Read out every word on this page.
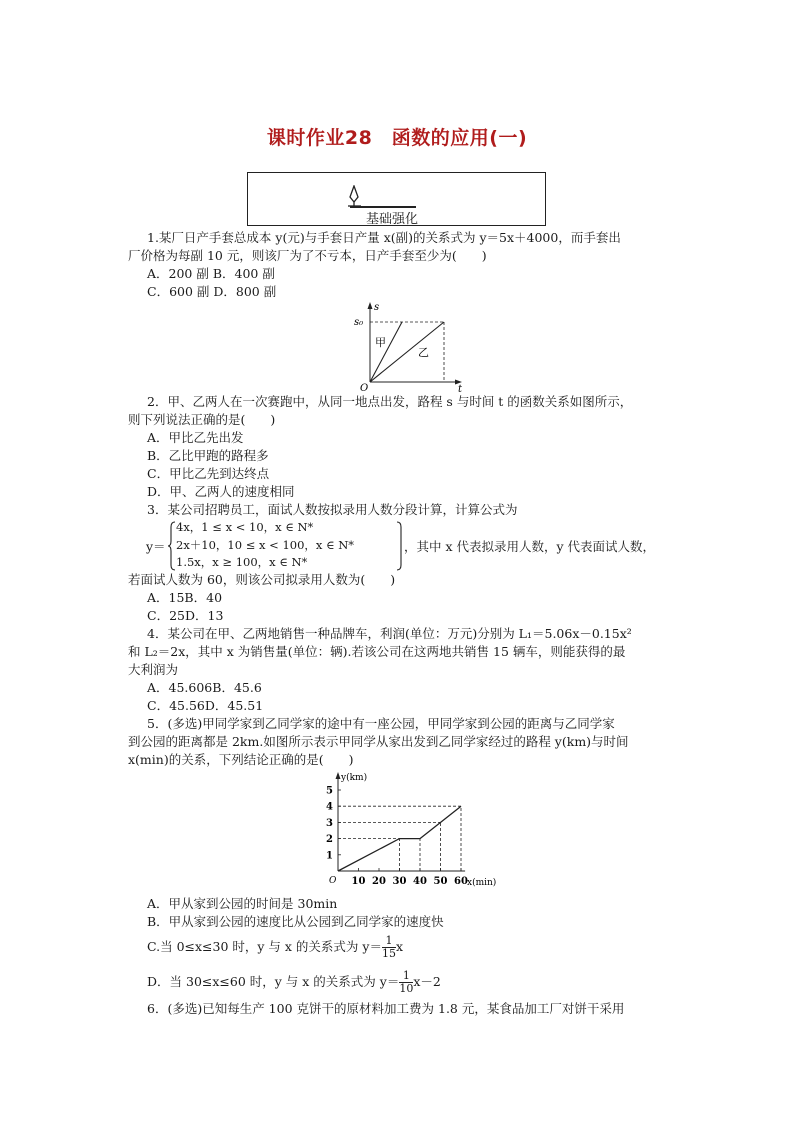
课时作业28　函数的应用(一)
基础强化
1.某厂日产手套总成本 y(元)与手套日产量 x(副)的关系式为 y＝5x＋4000，而手套出
厂价格为每副 10 元，则该厂为了不亏本，日产手套至少为(　　)
A．200 副 B．400 副
C．600 副 D．800 副
s
s₀
t
O
甲
乙
2．甲、乙两人在一次赛跑中，从同一地点出发，路程 s 与时间 t 的函数关系如图所示，
则下列说法正确的是(　　)
A．甲比乙先出发
B．乙比甲跑的路程多
C．甲比乙先到达终点
D．甲、乙两人的速度相同
3．某公司招聘员工，面试人数按拟录用人数分段计算，计算公式为
y＝
4x，1 ≤ x < 10，x ∈ N*
2x＋10，10 ≤ x < 100，x ∈ N*
1.5x，x ≥ 100，x ∈ N*
，其中 x 代表拟录用人数，y 代表面试人数，
若面试人数为 60，则该公司拟录用人数为(　　)
A．15B．40
C．25D．13
4．某公司在甲、乙两地销售一种品牌车，利润(单位：万元)分别为 L₁＝5.06x－0.15x²
和 L₂＝2x，其中 x 为销售量(单位：辆).若该公司在这两地共销售 15 辆车，则能获得的最
大利润为
A．45.606B．45.6
C．45.56D．45.51
5．(多选)甲同学家到乙同学家的途中有一座公园，甲同学家到公园的距离与乙同学家
到公园的距离都是 2km.如图所示表示甲同学从家出发到乙同学家经过的路程 y(km)与时间
x(min)的关系，下列结论正确的是(　　)
y(km)
x(min)
O 10 20 30 40 50 60
1
2
3
4
5
A．甲从家到公园的时间是 30min
B．甲从家到公园的速度比从公园到乙同学家的速度快
C.当 0≤x≤30 时，y 与 x 的关系式为 $y= \frac{1}{15}$ x
D．当 30≤x≤60 时，y 与 x 的关系式为 $y= \frac{1}{10} x-2$
6．(多选)已知每生产 100 克饼干的原材料加工费为 1.8 元，某食品加工厂对饼干采用
